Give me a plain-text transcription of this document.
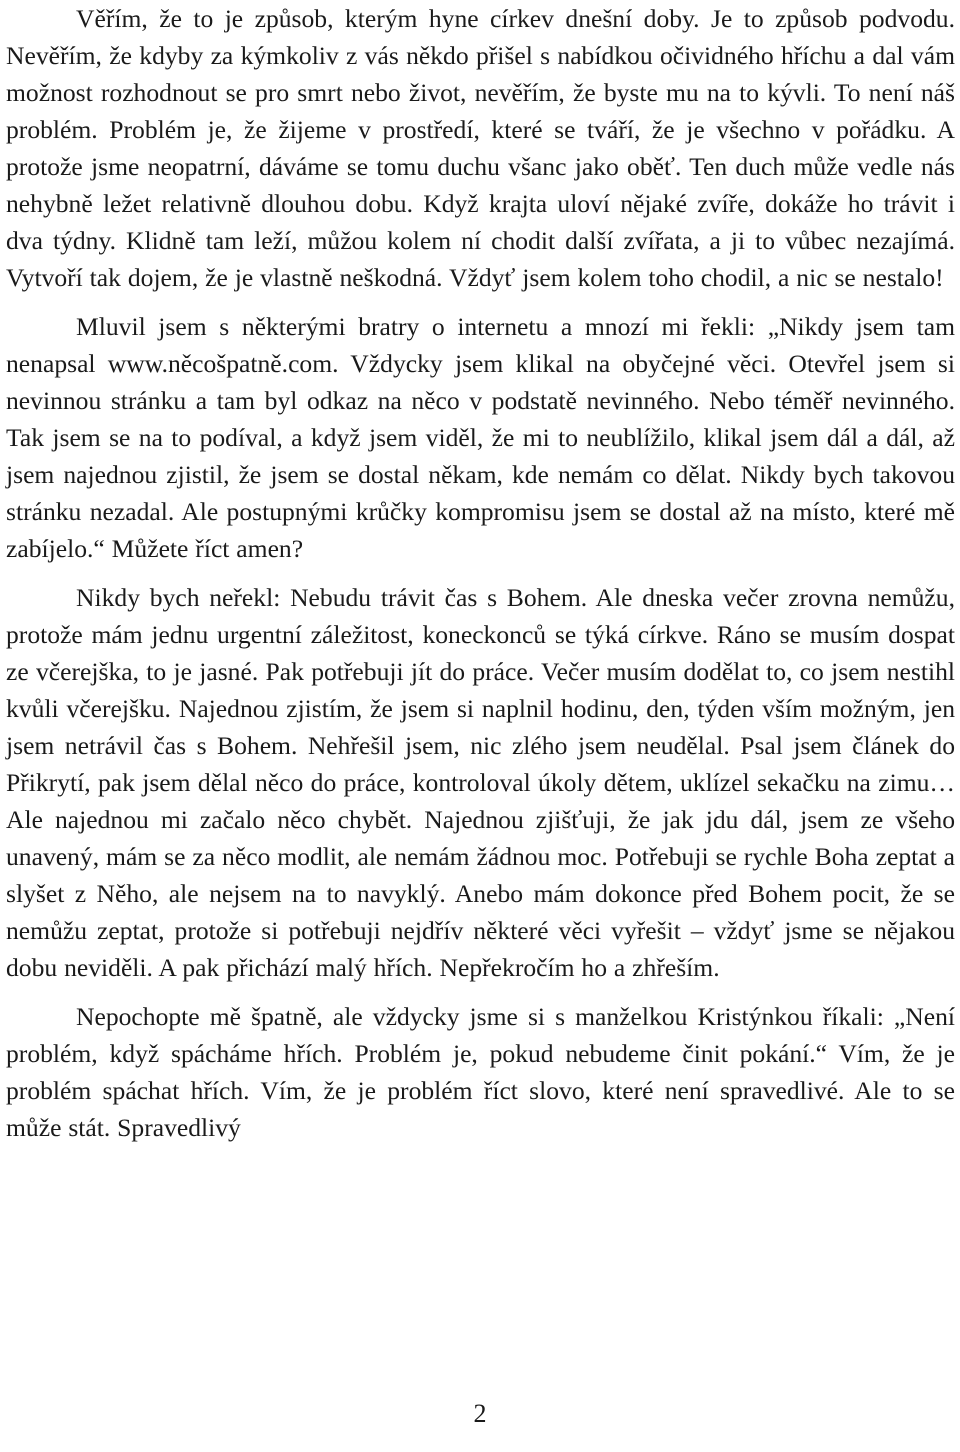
Věřím, že to je způsob, kterým hyne církev dnešní doby. Je to způsob podvodu. Nevěřím, že kdyby za kýmkoliv z vás někdo přišel s nabídkou očividného hříchu a dal vám možnost rozhodnout se pro smrt nebo život, nevěřím, že byste mu na to kývli. To není náš problém. Problém je, že žijeme v prostředí, které se tváří, že je všechno v pořádku. A protože jsme neopatrní, dáváme se tomu duchu všanc jako oběť. Ten duch může vedle nás nehybně ležet relativně dlouhou dobu. Když krajta uloví nějaké zvíře, dokáže ho trávit i dva týdny. Klidně tam leží, můžou kolem ní chodit další zvířata, a ji to vůbec nezajímá. Vytvoří tak dojem, že je vlastně neškodná. Vždyť jsem kolem toho chodil, a nic se nestalo!

Mluvil jsem s některými bratry o internetu a mnozí mi řekli: „Nikdy jsem tam nenapsal www.něcošpatně.com. Vždycky jsem klikal na obyčejné věci. Otevřel jsem si nevinnou stránku a tam byl odkaz na něco v podstatě nevinného. Nebo téměř nevinného. Tak jsem se na to podíval, a když jsem viděl, že mi to neublížilo, klikal jsem dál a dál, až jsem najednou zjistil, že jsem se dostal někam, kde nemám co dělat. Nikdy bych takovou stránku nezadal. Ale postupnými krůčky kompromisu jsem se dostal až na místo, které mě zabíjelo.“ Můžete říct amen?

Nikdy bych neřekl: Nebudu trávit čas s Bohem. Ale dneska večer zrovna nemůžu, protože mám jednu urgentní záležitost, koneckonců se týká církve. Ráno se musím dospat ze včerejška, to je jasné. Pak potřebuji jít do práce. Večer musím dodělat to, co jsem nestihl kvůli včerejšku. Najednou zjistím, že jsem si naplnil hodinu, den, týden vším možným, jen jsem netrávil čas s Bohem. Nehřešil jsem, nic zlého jsem neudělal. Psal jsem článek do Přikrytí, pak jsem dělal něco do práce, kontroloval úkoly dětem, uklízel sekačku na zimu… Ale najednou mi začalo něco chybět. Najednou zjišťuji, že jak jdu dál, jsem ze všeho unavený, mám se za něco modlit, ale nemám žádnou moc. Potřebuji se rychle Boha zeptat a slyšet z Něho, ale nejsem na to navyklý. Anebo mám dokonce před Bohem pocit, že se nemůžu zeptat, protože si potřebuji nejdřív některé věci vyřešit – vždyť jsme se nějakou dobu neviděli. A pak přichází malý hřích. Nepřekročím ho a zhřeším.

Nepochopte mě špatně, ale vždycky jsme si s manželkou Kristýnkou říkali: „Není problém, když spácháme hřích. Problém je, pokud nebudeme činit pokání.“ Vím, že je problém spáchat hřích. Vím, že je problém říct slovo, které není spravedlivé. Ale to se může stát. Spravedlivý

2
